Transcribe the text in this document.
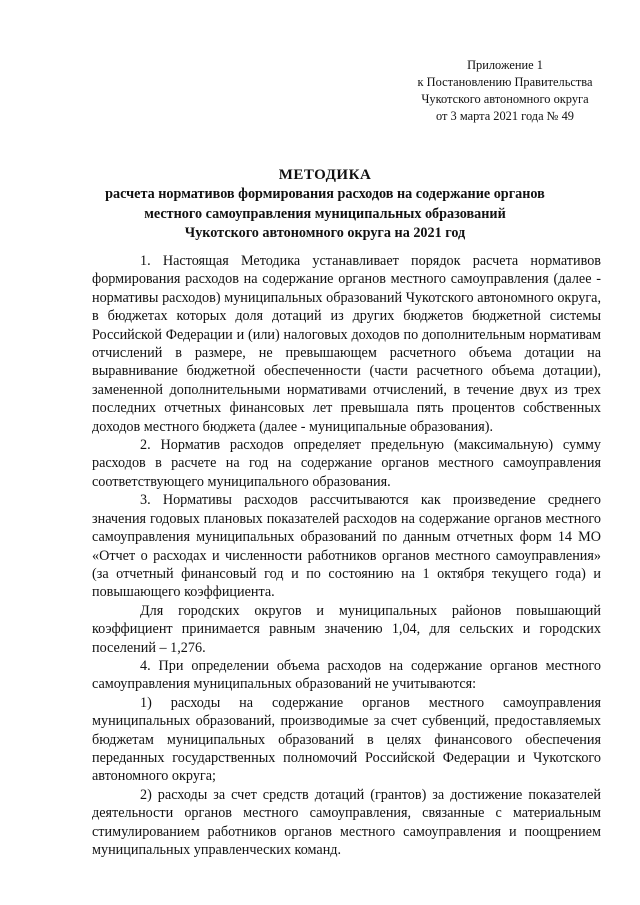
Приложение 1
к Постановлению Правительства
Чукотского автономного округа
от 3 марта 2021 года № 49
МЕТОДИКА
расчета нормативов формирования расходов на содержание органов
местного самоуправления муниципальных образований
Чукотского автономного округа на 2021 год

1. Настоящая Методика устанавливает порядок расчета нормативов формирования расходов на содержание органов местного самоуправления (далее - нормативы расходов) муниципальных образований Чукотского автономного округа, в бюджетах которых доля дотаций из других бюджетов бюджетной системы Российской Федерации и (или) налоговых доходов по дополнительным нормативам отчислений в размере, не превышающем расчетного объема дотации на выравнивание бюджетной обеспеченности (части расчетного объема дотации), замененной дополнительными нормативами отчислений, в течение двух из трех последних отчетных финансовых лет превышала пять процентов собственных доходов местного бюджета (далее - муниципальные образования).

2. Норматив расходов определяет предельную (максимальную) сумму расходов в расчете на год на содержание органов местного самоуправления соответствующего муниципального образования.

3. Нормативы расходов рассчитываются как произведение среднего значения годовых плановых показателей расходов на содержание органов местного самоуправления муниципальных образований по данным отчетных форм 14 МО «Отчет о расходах и численности работников органов местного самоуправления» (за отчетный финансовый год и по состоянию на 1 октября текущего года) и повышающего коэффициента.

Для городских округов и муниципальных районов повышающий коэффициент принимается равным значению 1,04, для сельских и городских поселений – 1,276.

4. При определении объема расходов на содержание органов местного самоуправления муниципальных образований не учитываются:

1) расходы на содержание органов местного самоуправления муниципальных образований, производимые за счет субвенций, предоставляемых бюджетам муниципальных образований в целях финансового обеспечения переданных государственных полномочий Российской Федерации и Чукотского автономного округа;

2) расходы за счет средств дотаций (грантов) за достижение показателей деятельности органов местного самоуправления, связанные с материальным стимулированием работников органов местного самоуправления и поощрением муниципальных управленческих команд.
